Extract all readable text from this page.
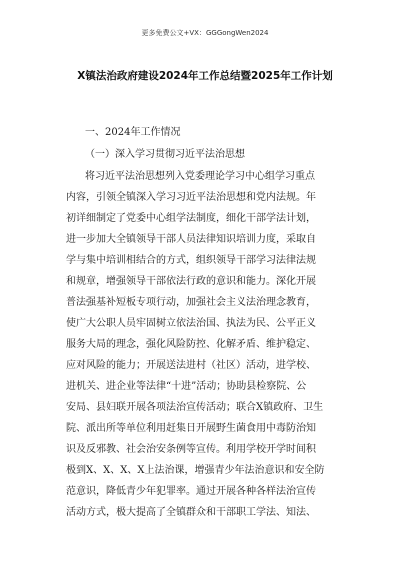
更多免费公文+VX：GGGongWen2024
X镇法治政府建设2024年工作总结暨2025年工作计划
一、2024年工作情况
（一）深入学习贯彻习近平法治思想
将习近平法治思想列入党委理论学习中心组学习重点
内容，引领全镇深入学习习近平法治思想和党内法规。年
初详细制定了党委中心组学法制度，细化干部学法计划，
进一步加大全镇领导干部人员法律知识培训力度，采取自
学与集中培训相结合的方式，组织领导干部学习法律法规
和规章，增强领导干部依法行政的意识和能力。深化开展
普法强基补短板专项行动，加强社会主义法治理念教育，
使广大公职人员牢固树立依法治国、执法为民、公平正义
服务大局的理念，强化风险防控、化解矛盾、维护稳定、
应对风险的能力；开展送法进村（社区）活动，进学校、
进机关、进企业等法律“十进”活动；协助县检察院、公
安局、县妇联开展各项法治宣传活动；联合X镇政府、卫生
院、派出所等单位利用赶集日开展野生菌食用中毒防治知
识及反邪教、社会治安条例等宣传。利用学校开学时间积
极到X、X、X、X上法治课，增强青少年法治意识和安全防
范意识，降低青少年犯罪率。通过开展各种各样法治宣传
活动方式，极大提高了全镇群众和干部职工学法、知法、
